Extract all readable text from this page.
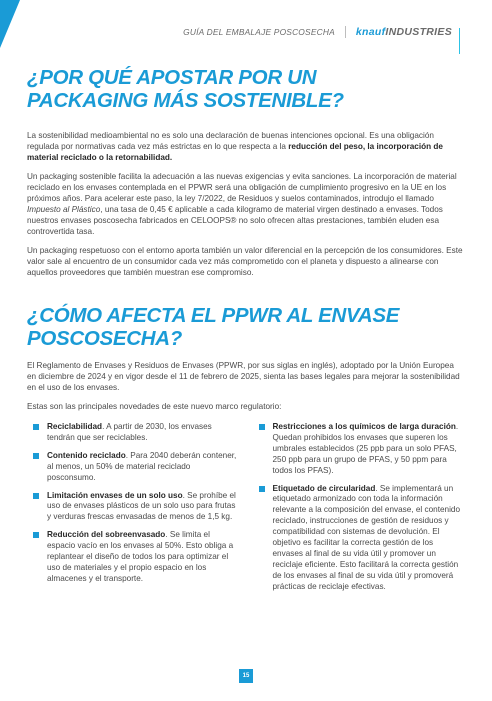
GUÍA DEL EMBALAJE POSCOSECHA knaufINDUSTRIES
¿POR QUÉ APOSTAR POR UN
PACKAGING MÁS SOSTENIBLE?

La sostenibilidad medioambiental no es solo una declaración de buenas intenciones opcional. Es una obligación regulada por normativas cada vez más estrictas en lo que respecta a la reducción del peso, la incorporación de material reciclado o la retornabilidad.

Un packaging sostenible facilita la adecuación a las nuevas exigencias y evita sanciones. La incorporación de material reciclado en los envases contemplada en el PPWR será una obligación de cumplimiento progresivo en la UE en los próximos años. Para acelerar este paso, la ley 7/2022, de Residuos y suelos contaminados, introdujo el llamado Impuesto al Plástico, una tasa de 0,45 € aplicable a cada kilogramo de material virgen destinado a envases. Todos nuestros envases poscosecha fabricados en CELOOPS® no solo ofrecen altas prestaciones, también eluden esa controvertida tasa.

Un packaging respetuoso con el entorno aporta también un valor diferencial en la percepción de los consumidores. Este valor sale al encuentro de un consumidor cada vez más comprometido con el planeta y dispuesto a alinearse con aquellos proveedores que también muestran ese compromiso.

¿CÓMO AFECTA EL PPWR AL ENVASE POSCOSECHA?

El Reglamento de Envases y Residuos de Envases (PPWR, por sus siglas en inglés), adoptado por la Unión Europea en diciembre de 2024 y en vigor desde el 11 de febrero de 2025, sienta las bases legales para mejorar la sostenibilidad en el uso de los envases.

Estas son las principales novedades de este nuevo marco regulatorio:

Reciclabilidad. A partir de 2030, los envases tendrán que ser reciclables.
Contenido reciclado. Para 2040 deberán contener, al menos, un 50% de material reciclado posconsumo.
Limitación envases de un solo uso. Se prohíbe el uso de envases plásticos de un solo uso para frutas y verduras frescas envasadas de menos de 1,5 kg.
Reducción del sobreenvasado. Se limita el espacio vacío en los envases al 50%. Esto obliga a replantear el diseño de todos los para optimizar el uso de materiales y el propio espacio en los almacenes y el transporte.
Restricciones a los químicos de larga duración. Quedan prohibidos los envases que superen los umbrales establecidos (25 ppb para un solo PFAS, 250 ppb para un grupo de PFAS, y 50 ppm para todos los PFAS).
Etiquetado de circularidad. Se implementará un etiquetado armonizado con toda la información relevante a la composición del envase, el contenido reciclado, instrucciones de gestión de residuos y compatibilidad con sistemas de devolución. El objetivo es facilitar la correcta gestión de los envases al final de su vida útil y promover un reciclaje eficiente. Esto facilitará la correcta gestión de los envases al final de su vida útil y promoverá prácticas de reciclaje efectivas.
15
